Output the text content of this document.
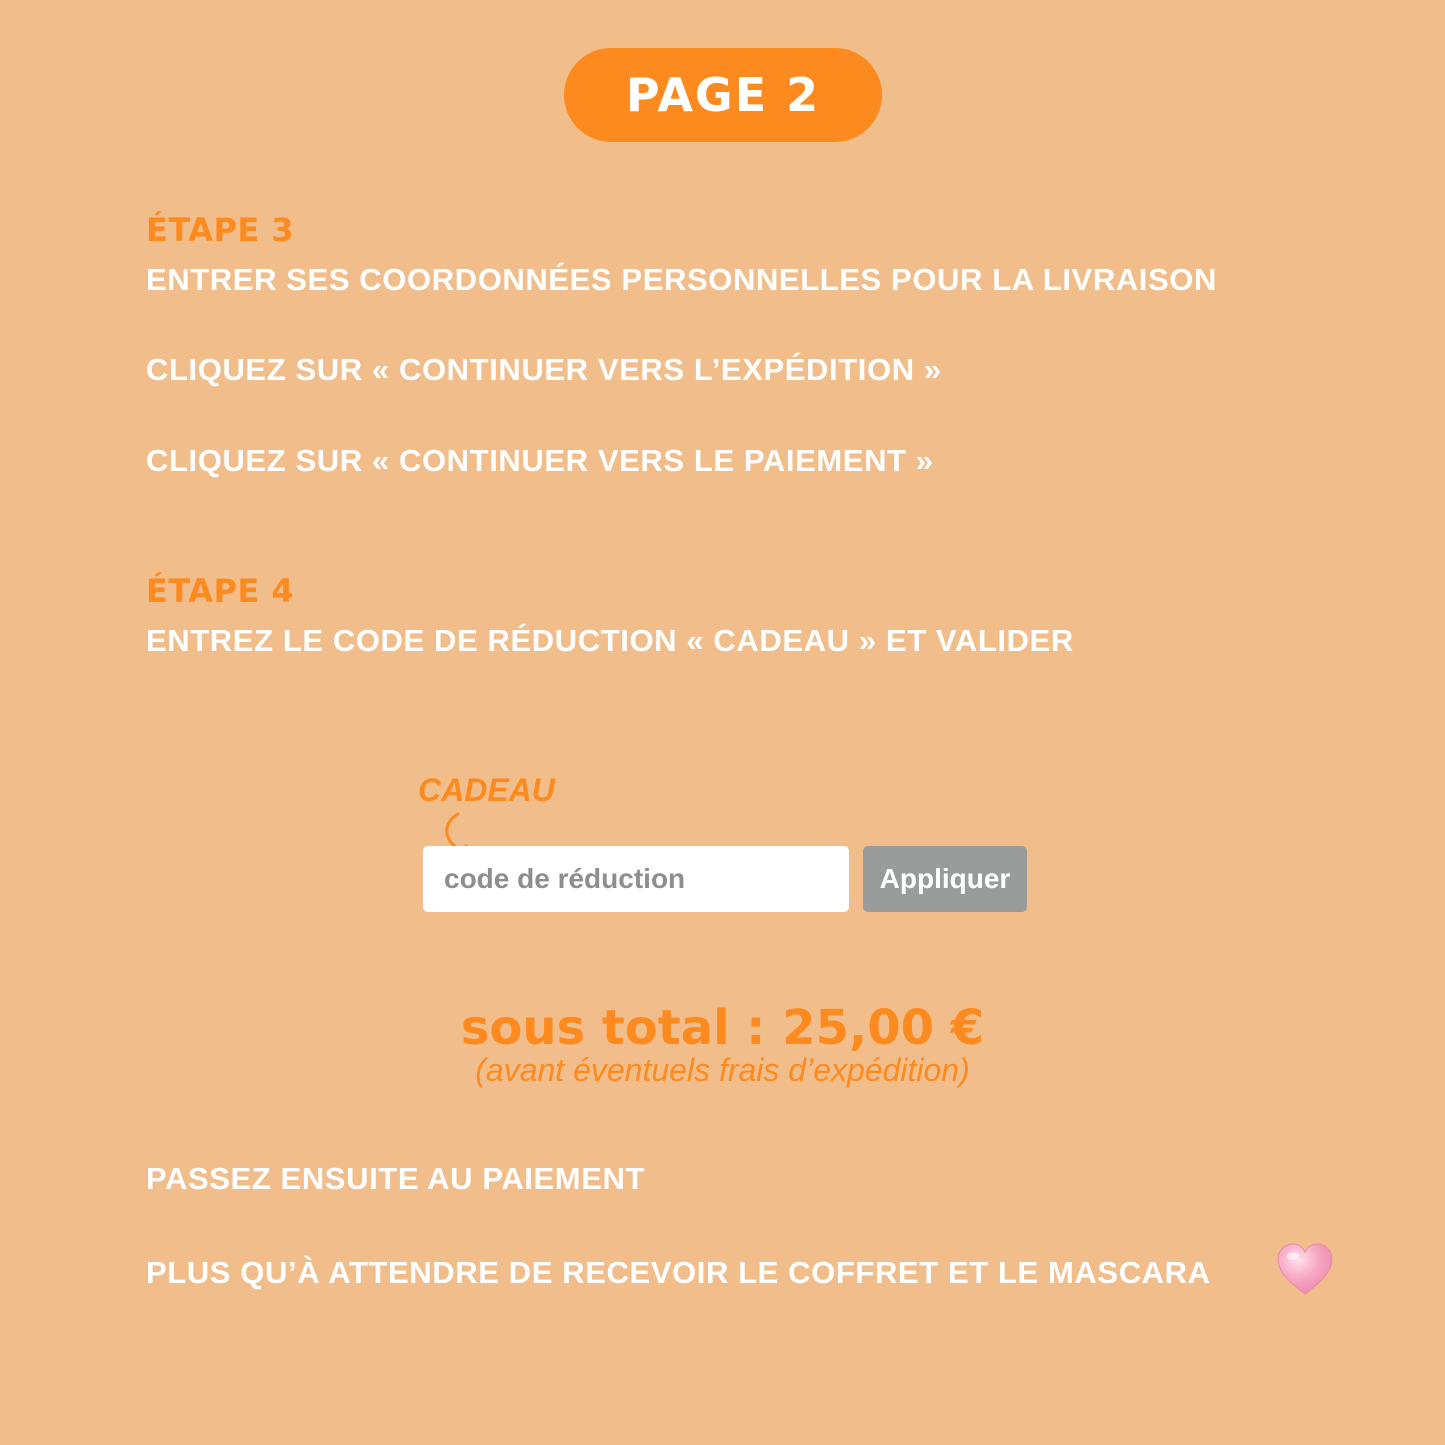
PAGE 2
ÉTAPE 3
ENTRER SES COORDONNÉES PERSONNELLES POUR LA LIVRAISON
CLIQUEZ SUR « CONTINUER VERS L’EXPÉDITION »
CLIQUEZ SUR « CONTINUER VERS LE PAIEMENT »
ÉTAPE 4
ENTREZ LE CODE DE RÉDUCTION « CADEAU » ET VALIDER
CADEAU
code de réduction
Appliquer
sous total : 25,00 €
(avant éventuels frais d’expédition)
PASSEZ ENSUITE AU PAIEMENT
PLUS QU’À ATTENDRE DE RECEVOIR LE COFFRET ET LE MASCARA
